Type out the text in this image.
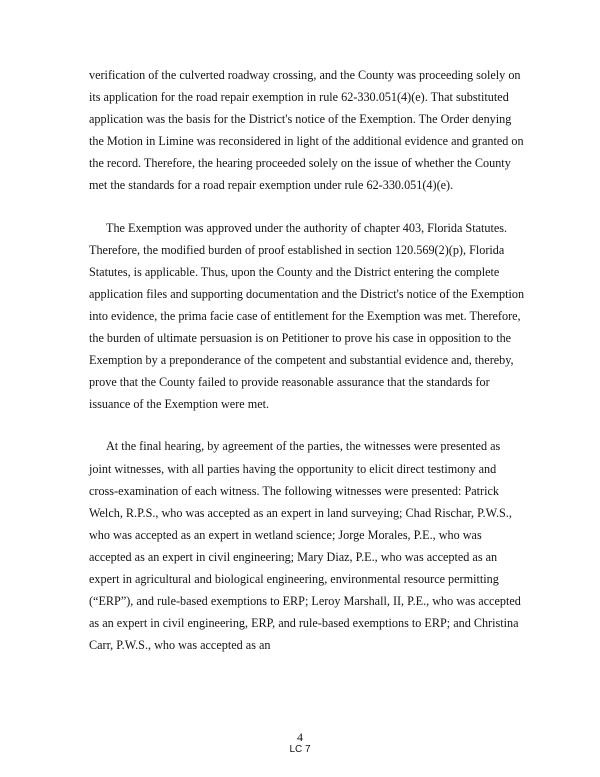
verification of the culverted roadway crossing, and the County was proceeding solely on its application for the road repair exemption in rule 62-330.051(4)(e). That substituted application was the basis for the District's notice of the Exemption. The Order denying the Motion in Limine was reconsidered in light of the additional evidence and granted on the record. Therefore, the hearing proceeded solely on the issue of whether the County met the standards for a road repair exemption under rule 62-330.051(4)(e).

The Exemption was approved under the authority of chapter 403, Florida Statutes. Therefore, the modified burden of proof established in section 120.569(2)(p), Florida Statutes, is applicable. Thus, upon the County and the District entering the complete application files and supporting documentation and the District's notice of the Exemption into evidence, the prima facie case of entitlement for the Exemption was met. Therefore, the burden of ultimate persuasion is on Petitioner to prove his case in opposition to the Exemption by a preponderance of the competent and substantial evidence and, thereby, prove that the County failed to provide reasonable assurance that the standards for issuance of the Exemption were met.

At the final hearing, by agreement of the parties, the witnesses were presented as joint witnesses, with all parties having the opportunity to elicit direct testimony and cross-examination of each witness. The following witnesses were presented: Patrick Welch, R.P.S., who was accepted as an expert in land surveying; Chad Rischar, P.W.S., who was accepted as an expert in wetland science; Jorge Morales, P.E., who was accepted as an expert in civil engineering; Mary Diaz, P.E., who was accepted as an expert in agricultural and biological engineering, environmental resource permitting (“ERP”), and rule-based exemptions to ERP; Leroy Marshall, II, P.E., who was accepted as an expert in civil engineering, ERP, and rule-based exemptions to ERP; and Christina Carr, P.W.S., who was accepted as an

4
LC 7
